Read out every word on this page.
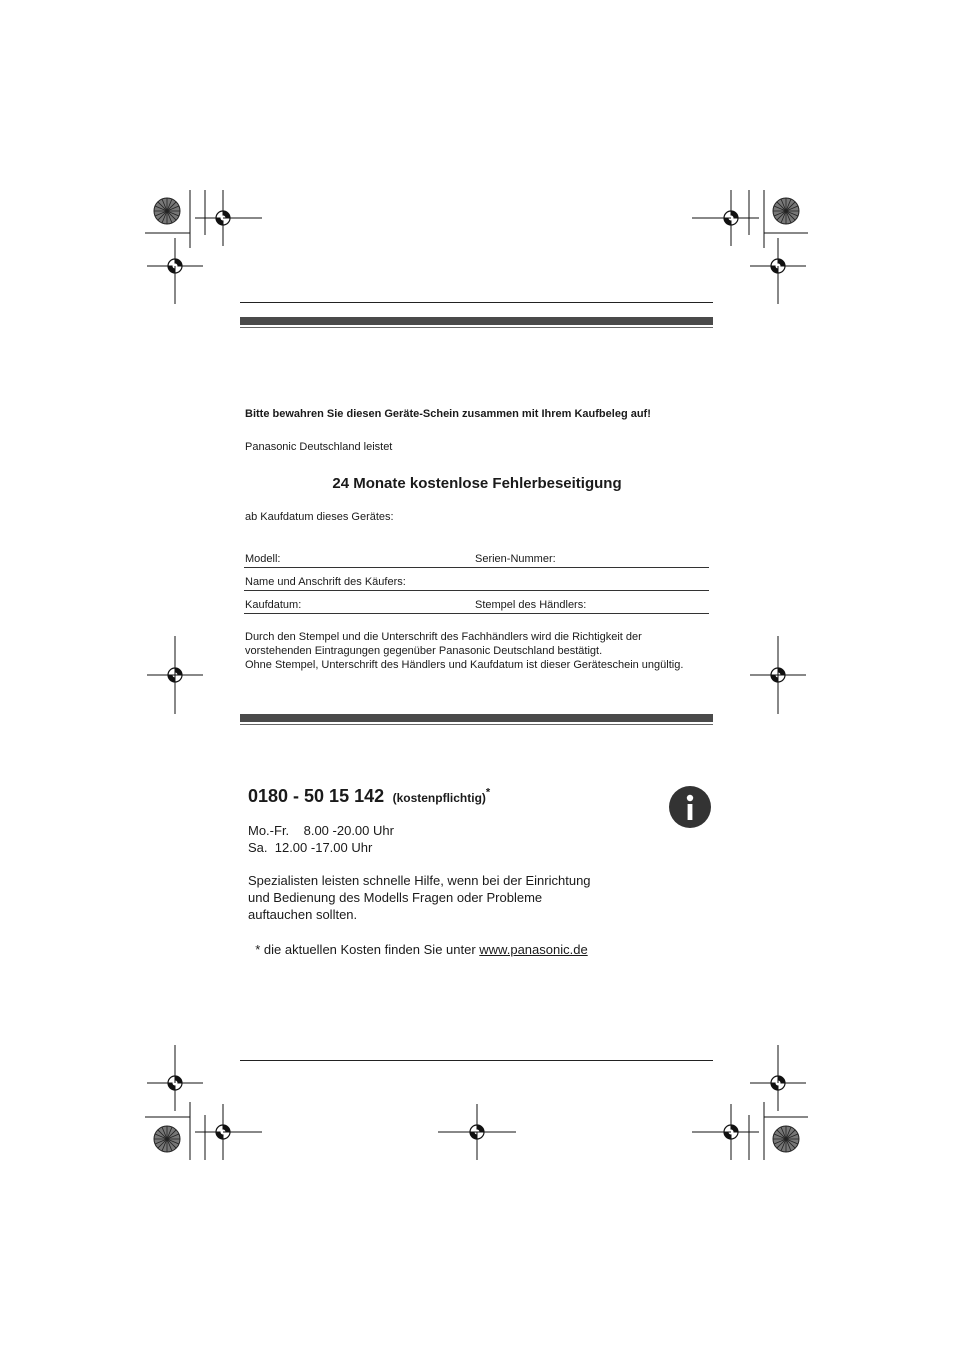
Bitte bewahren Sie diesen Geräte-Schein zusammen mit Ihrem Kaufbeleg auf!
Panasonic Deutschland leistet
24 Monate kostenlose Fehlerbeseitigung
ab Kaufdatum dieses Gerätes:
Modell:	Serien-Nummer:
Name und Anschrift des Käufers:
Kaufdatum:	Stempel des Händlers:
Durch den Stempel und die Unterschrift des Fachhändlers wird die Richtigkeit der
vorstehenden Eintragungen gegenüber Panasonic Deutschland bestätigt.
Ohne Stempel, Unterschrift des Händlers und Kaufdatum ist dieser Geräteschein ungültig.
0180 - 50 15 142 (kostenpflichtig)*
Mo.-Fr.    8.00 -20.00 Uhr
Sa.  12.00 -17.00 Uhr
Spezialisten leisten schnelle Hilfe, wenn bei der Einrichtung
und Bedienung des Modells Fragen oder Probleme
auftauchen sollten.

* die aktuellen Kosten finden Sie unter www.panasonic.de
